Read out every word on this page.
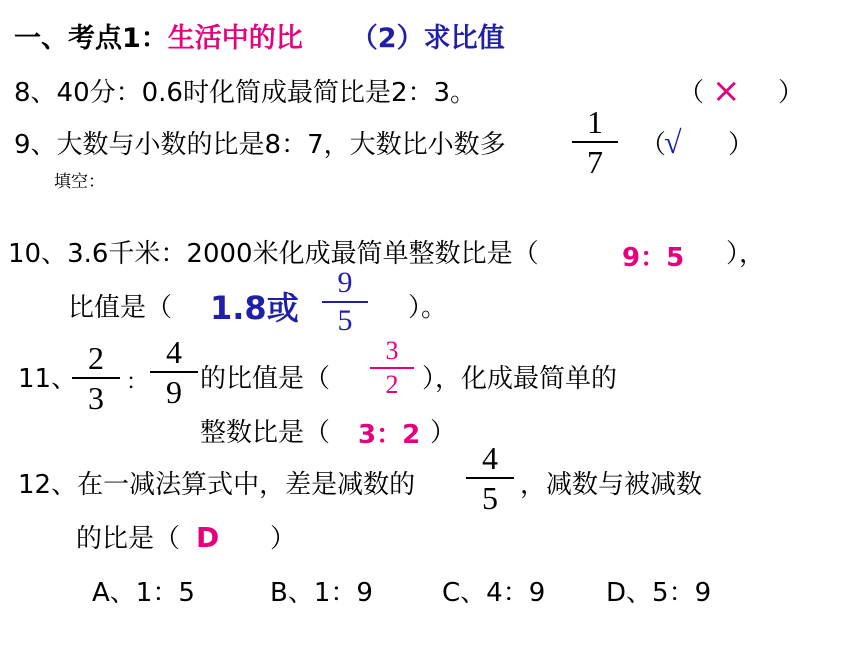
一、考点1：生活中的比 （2）求比值
8、40分：0.6时化简成最简比是2：3。	（ × ）
9、大数与小数的比是8：7，大数比小数多
1
7	（
√ ）
填空：
10、3.6千米：2000米化成最简单整数比是（	9：5 ），
比值是（ 1.8或
9
5	）。
11、
2
3	：
4
9 的比值是（
3
2 ），化成最简单的
整数比是（ 3：2 ）
12、在一减法算式中，差是减数的
4
5 ，减数与被减数
的比是（ D ）
A、1：5	B、1：9	C、4：9 D、5：9
